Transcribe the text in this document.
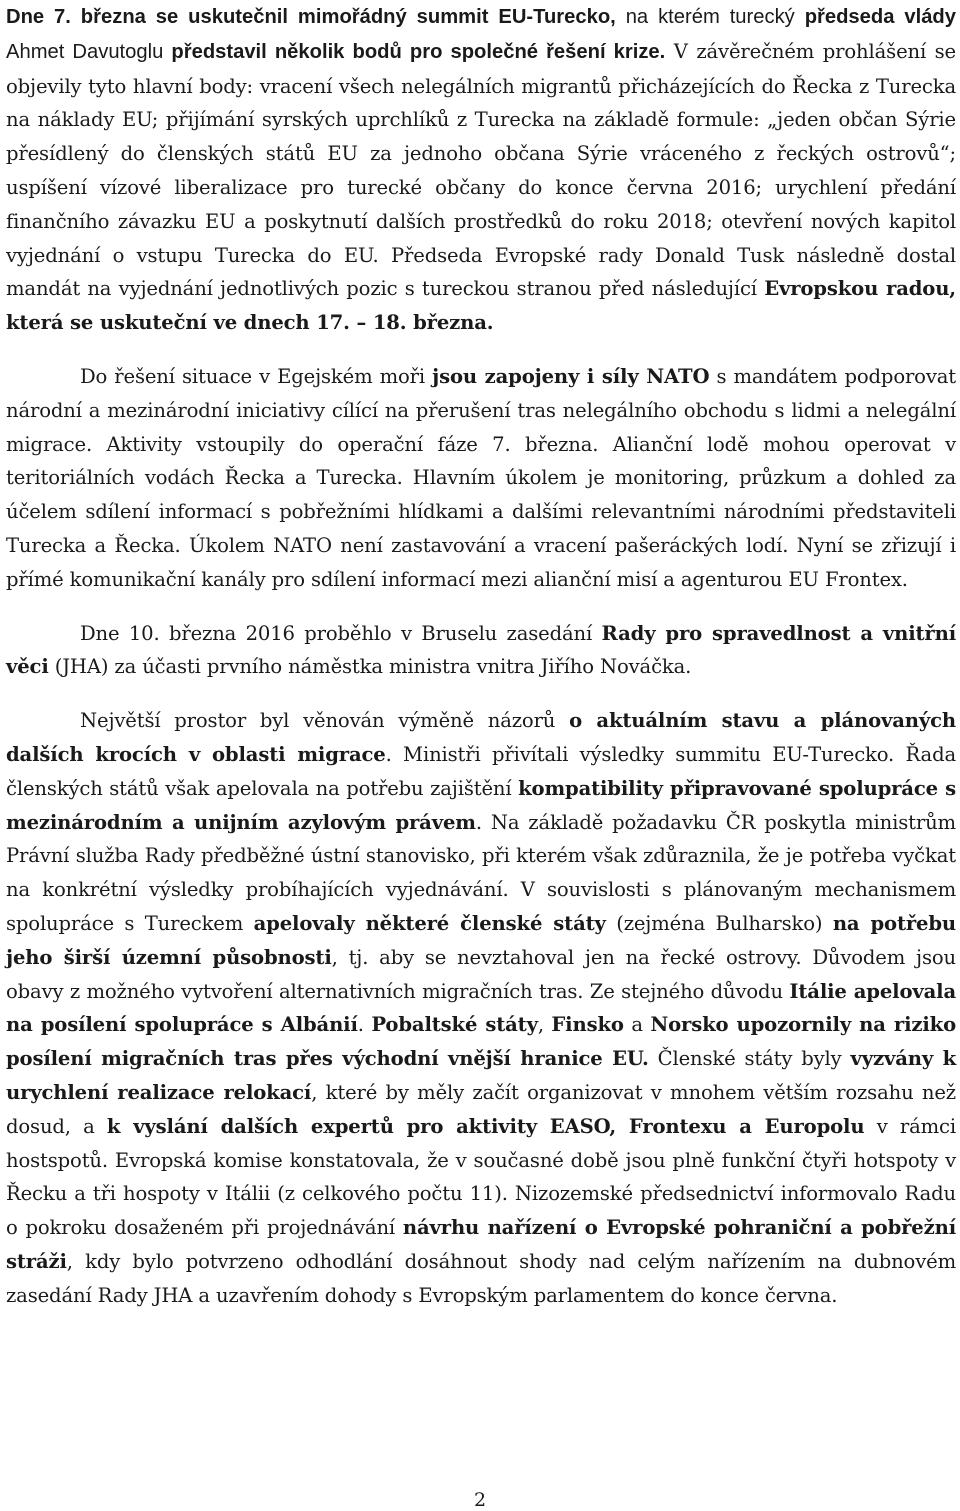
Dne 7. března se uskutečnil mimořádný summit EU-Turecko, na kterém turecký předseda vlády Ahmet Davutoglu představil několik bodů pro společné řešení krize. V závěrečném prohlášení se objevily tyto hlavní body: vracení všech nelegálních migrantů přicházejících do Řecka z Turecka na náklady EU; přijímání syrských uprchlíků z Turecka na základě formule: „jeden občan Sýrie přesídlený do členských států EU za jednoho občana Sýrie vráceného z řeckých ostrovů“; uspíšení vízové liberalizace pro turecké občany do konce června 2016; urychlení předání finančního závazku EU a poskytnutí dalších prostředků do roku 2018; otevření nových kapitol vyjednání o vstupu Turecka do EU. Předseda Evropské rady Donald Tusk následně dostal mandát na vyjednání jednotlivých pozic s tureckou stranou před následující Evropskou radou, která se uskuteční ve dnech 17. – 18. března.

Do řešení situace v Egejském moři jsou zapojeny i síly NATO s mandátem podporovat národní a mezinárodní iniciativy cílící na přerušení tras nelegálního obchodu s lidmi a nelegální migrace. Aktivity vstoupily do operační fáze 7. března. Alianční lodě mohou operovat v teritoriálních vodách Řecka a Turecka. Hlavním úkolem je monitoring, průzkum a dohled za účelem sdílení informací s pobřežními hlídkami a dalšími relevantními národními představiteli Turecka a Řecka. Úkolem NATO není zastavování a vracení pašeráckých lodí. Nyní se zřizují i přímé komunikační kanály pro sdílení informací mezi alianční misí a agenturou EU Frontex.

Dne 10. března 2016 proběhlo v Bruselu zasedání Rady pro spravedlnost a vnitřní věci (JHA) za účasti prvního náměstka ministra vnitra Jiřího Nováčka.

Největší prostor byl věnován výměně názorů o aktuálním stavu a plánovaných dalších krocích v oblasti migrace. Ministři přivítali výsledky summitu EU-Turecko. Řada členských států však apelovala na potřebu zajištění kompatibility připravované spolupráce s mezinárodním a unijním azylovým právem. Na základě požadavku ČR poskytla ministrům Právní služba Rady předběžné ústní stanovisko, při kterém však zdůraznila, že je potřeba vyčkat na konkrétní výsledky probíhajících vyjednávání. V souvislosti s plánovaným mechanismem spolupráce s Tureckem apelovaly některé členské státy (zejména Bulharsko) na potřebu jeho širší územní působnosti, tj. aby se nevztahoval jen na řecké ostrovy. Důvodem jsou obavy z možného vytvoření alternativních migračních tras. Ze stejného důvodu Itálie apelovala na posílení spolupráce s Albánií. Pobaltské státy, Finsko a Norsko upozornily na riziko posílení migračních tras přes východní vnější hranice EU. Členské státy byly vyzvány k urychlení realizace relokací, které by měly začít organizovat v mnohem větším rozsahu než dosud, a k vyslání dalších expertů pro aktivity EASO, Frontexu a Europolu v rámci hostspotů. Evropská komise konstatovala, že v současné době jsou plně funkční čtyři hotspoty v Řecku a tři hospoty v Itálii (z celkového počtu 11). Nizozemské předsednictví informovalo Radu o pokroku dosaženém při projednávání návrhu nařízení o Evropské pohraniční a pobřežní stráži, kdy bylo potvrzeno odhodlání dosáhnout shody nad celým nařízením na dubnovém zasedání Rady JHA a uzavřením dohody s Evropským parlamentem do konce června.

2
